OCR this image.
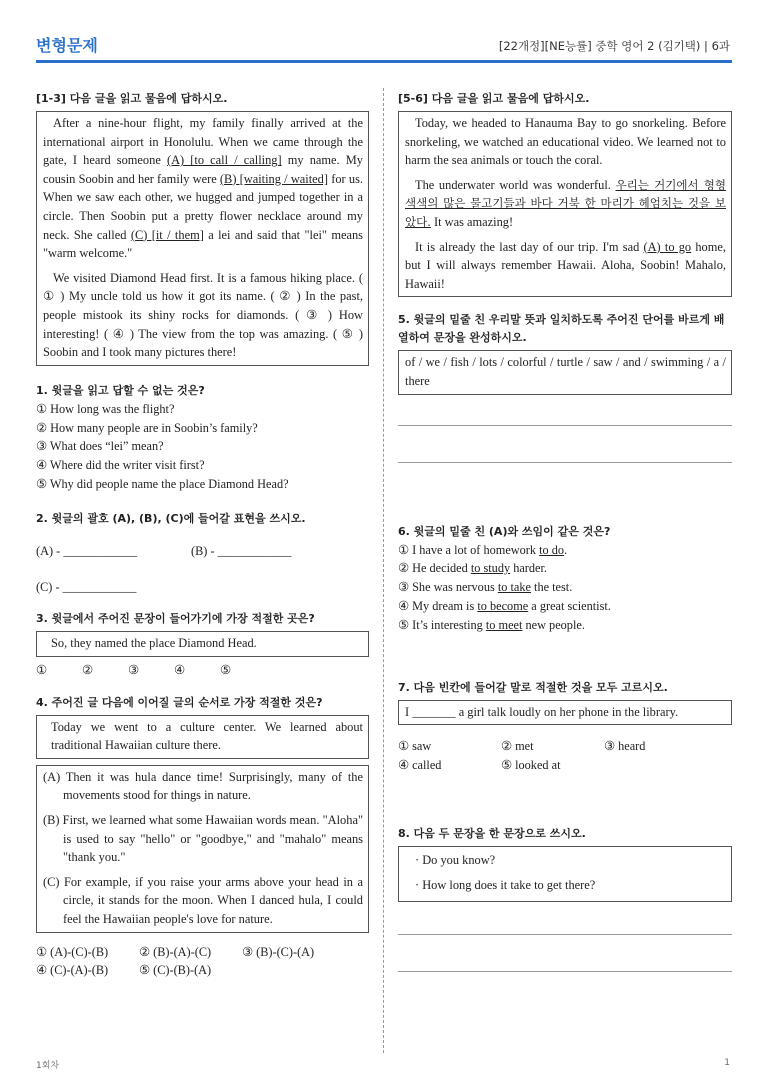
변형문제	[22개정][NE능률] 중학 영어 2 (김기택) | 6과

[1-3] 다음 글을 읽고 물음에 답하시오.

After a nine-hour flight, my family finally arrived at the international airport in Honolulu. When we came through the gate, I heard someone (A) [to call / calling] my name. My cousin Soobin and her family were (B) [waiting / waited] for us. When we saw each other, we hugged and jumped together in a circle. Then Soobin put a pretty flower necklace around my neck. She called (C) [it / them] a lei and said that "lei" means "warm welcome."

We visited Diamond Head first. It is a famous hiking place. ( ① ) My uncle told us how it got its name. ( ② ) In the past, people mistook its shiny rocks for diamonds. ( ③ ) How interesting! ( ④ ) The view from the top was amazing. ( ⑤ ) Soobin and I took many pictures there!

1. 윗글을 읽고 답할 수 없는 것은?

① How long was the flight?

② How many people are in Soobin’s family?

③ What does “lei” mean?

④ Where did the writer visit first?

⑤ Why did people name the place Diamond Head?

2. 윗글의 괄호 (A), (B), (C)에 들어갈 표현을 쓰시오.

(A) - ____________	(B) - ____________
(C) - ____________

3. 윗글에서 주어진 문장이 들어가기에 가장 적절한 곳은?

So, they named the place Diamond Head.

①	②	③	④	⑤

4. 주어진 글 다음에 이어질 글의 순서로 가장 적절한 것은?

Today we went to a culture center. We learned about traditional Hawaiian culture there.

(A) Then it was hula dance time! Surprisingly, many of the movements stood for things in nature.

(B) First, we learned what some Hawaiian words mean. "Aloha" is used to say "hello" or "goodbye," and "mahalo" means "thank you."

(C) For example, if you raise your arms above your head in a circle, it stands for the moon. When I danced hula, I could feel the Hawaiian people's love for nature.

① (A)-(C)-(B)	② (B)-(A)-(C)	③ (B)-(C)-(A)
④ (C)-(A)-(B)	⑤ (C)-(B)-(A)

[5-6] 다음 글을 읽고 물음에 답하시오.

Today, we headed to Hanauma Bay to go snorkeling. Before snorkeling, we watched an educational video. We learned not to harm the sea animals or touch the coral.

The underwater world was wonderful. 우리는 거기에서 형형색색의 많은 물고기들과 바다 거북 한 마리가 헤엄치는 것을 보았다. It was amazing!

It is already the last day of our trip. I'm sad (A) to go home, but I will always remember Hawaii. Aloha, Soobin! Mahalo, Hawaii!

5. 윗글의 밑줄 친 우리말 뜻과 일치하도록 주어진 단어를 바르게 배열하여 문장을 완성하시오.

of / we / fish / lots / colorful / turtle / saw / and / swimming / a / there

6. 윗글의 밑줄 친 (A)와 쓰임이 같은 것은?

① I have a lot of homework to do.

② He decided to study harder.

③ She was nervous to take the test.

④ My dream is to become a great scientist.

⑤ It’s interesting to meet new people.

7. 다음 빈칸에 들어갈 말로 적절한 것을 모두 고르시오.

I _______ a girl talk loudly on her phone in the library.

① saw	② met	③ heard
④ called	⑤ looked at

8. 다음 두 문장을 한 문장으로 쓰시오.

· Do you know?

· How long does it take to get there?

1회차	1
